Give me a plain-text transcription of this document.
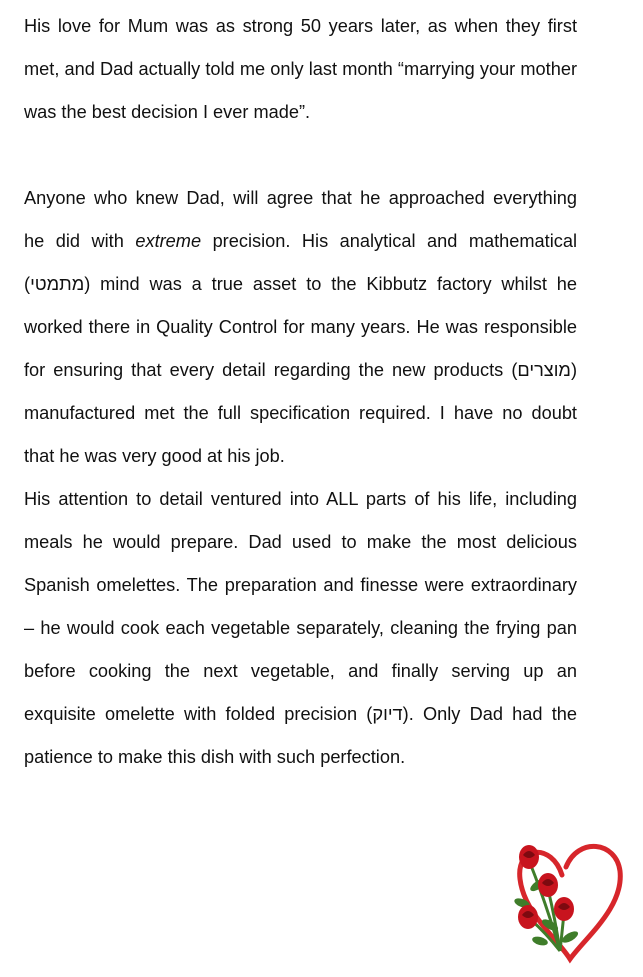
His love for Mum was as strong 50 years later, as when they first
met, and Dad actually told me only last month “marrying your mother
was the best decision I ever made”.
Anyone who knew Dad, will agree that he approached everything
he did with extreme precision. His analytical and mathematical
(מתמטי) mind was a true asset to the Kibbutz factory whilst he
worked there in Quality Control for many years. He was responsible
for ensuring that every detail regarding the new products (מוצרים)
manufactured met the full specification required. I have no doubt
that he was very good at his job.
His attention to detail ventured into ALL parts of his life, including
meals he would prepare. Dad used to make the most delicious
Spanish omelettes. The preparation and finesse were extraordinary
– he would cook each vegetable separately, cleaning the frying pan
before cooking the next vegetable, and finally serving up an
exquisite omelette with folded precision (דיוק). Only Dad had the
patience to make this dish with such perfection.
